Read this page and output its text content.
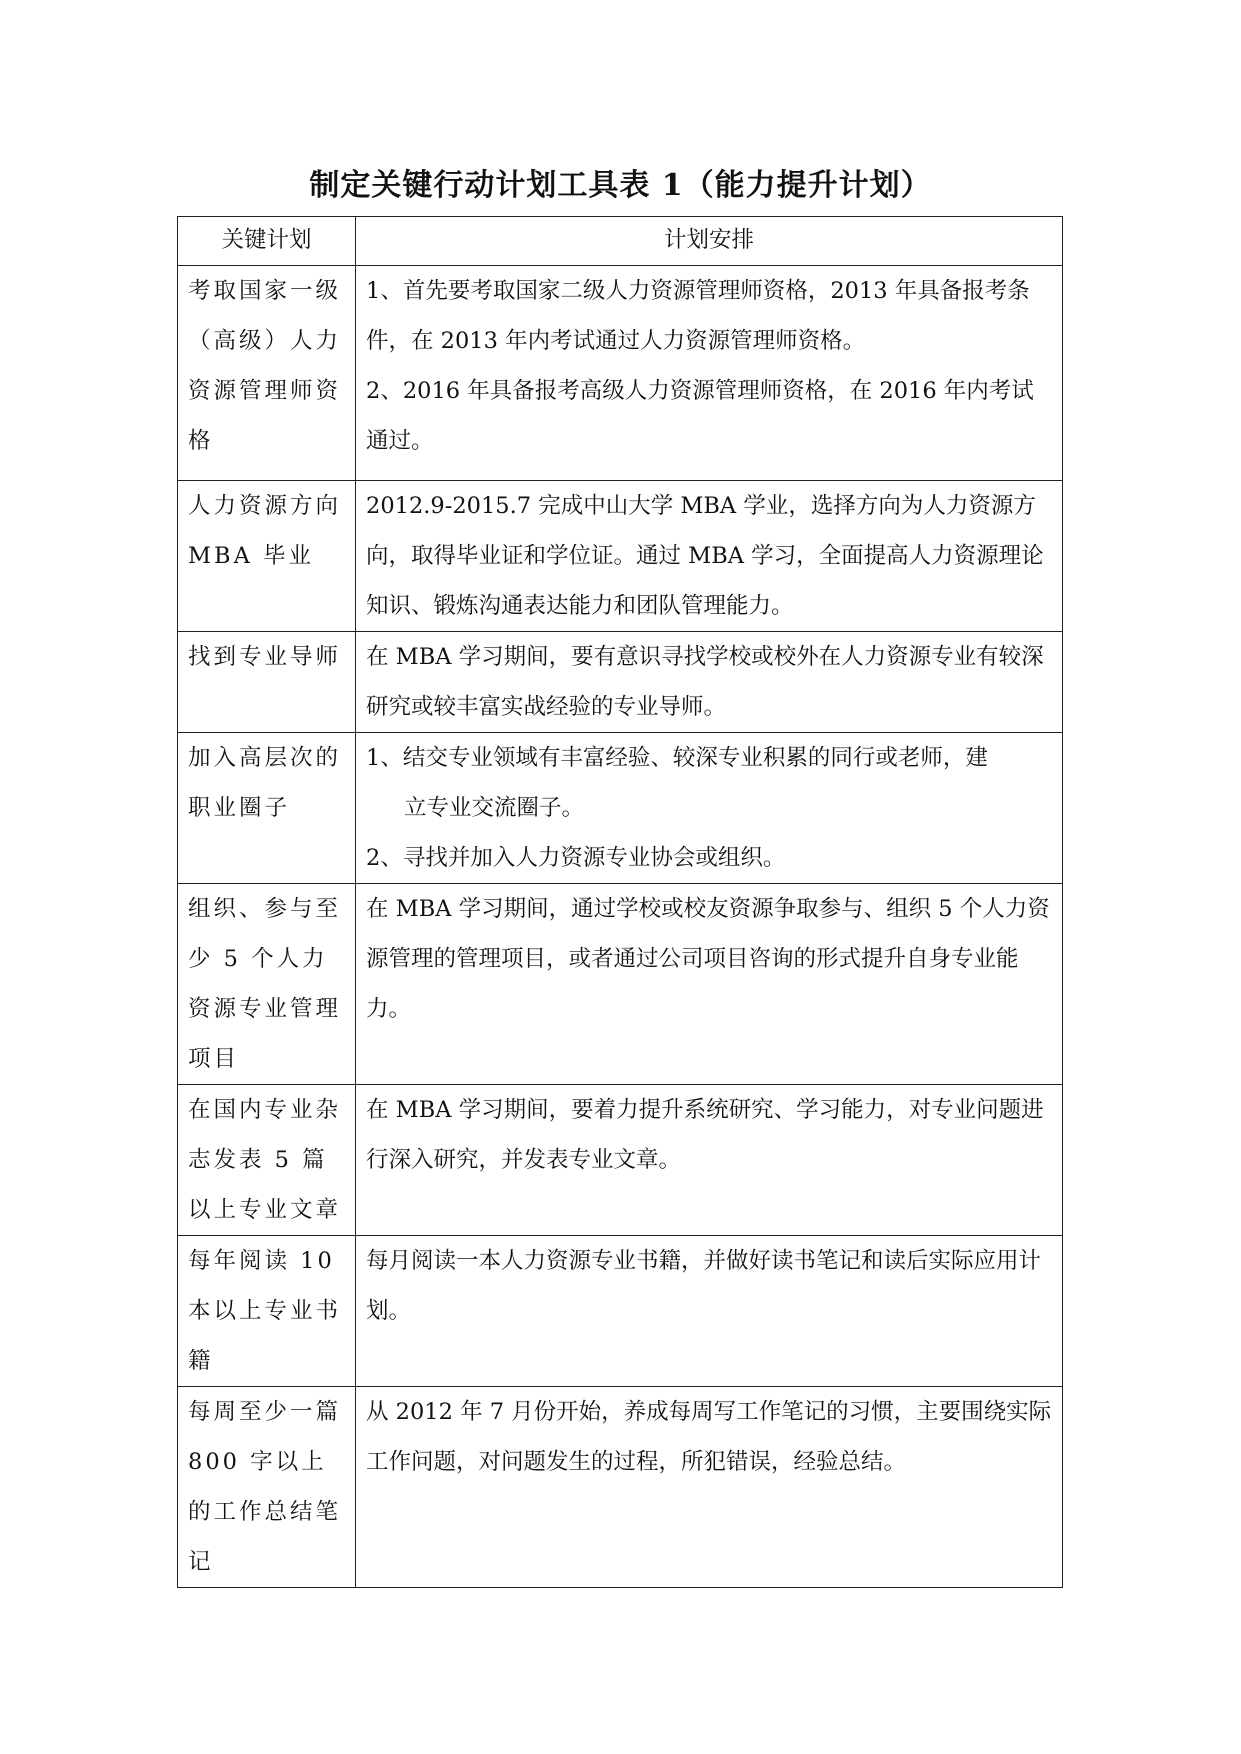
制定关键行动计划工具表 1（能力提升计划）
关键计划	计划安排
考取国家一级（高级）人力资源管理师资格	1、首先要考取国家二级人力资源管理师资格，2013 年具备报考条件，在 2013 年内考试通过人力资源管理师资格。
2、2016 年具备报考高级人力资源管理师资格，在 2016 年内考试通过。

人力资源方向 MBA 毕业	2012.9-2015.7 完成中山大学 MBA 学业，选择方向为人力资源方向，取得毕业证和学位证。通过 MBA 学习，全面提高人力资源理论知识、锻炼沟通表达能力和团队管理能力。

找到专业导师	在 MBA 学习期间，要有意识寻找学校或校外在人力资源专业有较深研究或较丰富实战经验的专业导师。

加入高层次的职业圈子	1、结交专业领域有丰富经验、较深专业积累的同行或老师，建
立专业交流圈子。
2、寻找并加入人力资源专业协会或组织。

组织、参与至少 5 个人力资源专业管理项目	在 MBA 学习期间，通过学校或校友资源争取参与、组织 5 个人力资源管理的管理项目，或者通过公司项目咨询的形式提升自身专业能力。

在国内专业杂志发表 5 篇以上专业文章	在 MBA 学习期间，要着力提升系统研究、学习能力，对专业问题进行深入研究，并发表专业文章。

每年阅读 10 本以上专业书籍	每月阅读一本人力资源专业书籍，并做好读书笔记和读后实际应用计划。

每周至少一篇 800 字以上的工作总结笔记	从 2012 年 7 月份开始，养成每周写工作笔记的习惯，主要围绕实际工作问题，对问题发生的过程，所犯错误，经验总结。
